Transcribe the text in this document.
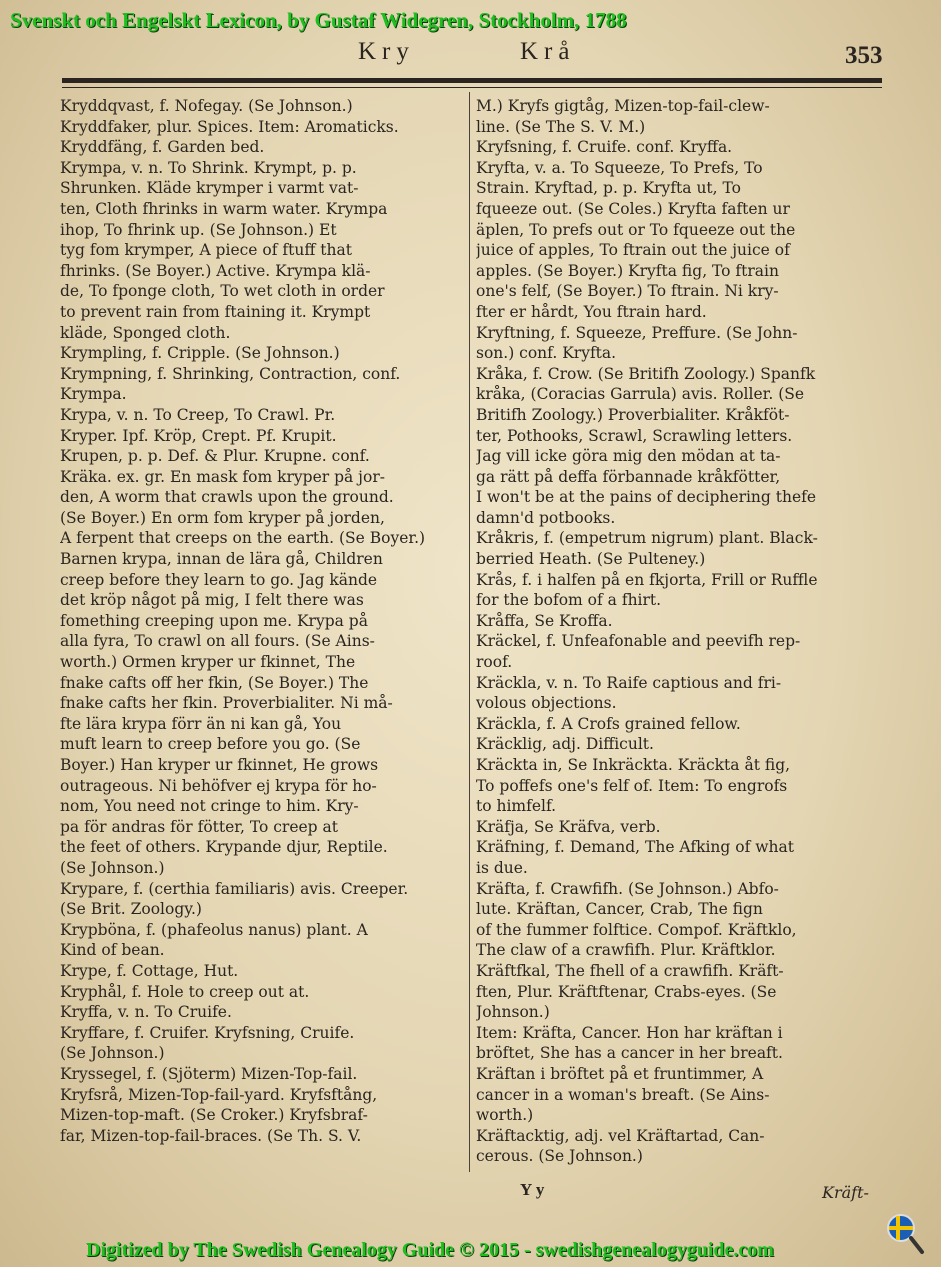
Svenskt och Engelskt Lexicon, by Gustaf Widegren, Stockholm, 1788
Kry	Krå	353
Kryddqvast, f. Nofegay. (Se Johnson.)
Kryddfaker, plur. Spices. Item: Aromaticks.
Kryddfäng, f. Garden bed.
Krympa, v. n. To Shrink. Krympt, p. p.
Shrunken. Kläde krymper i varmt vat-
ten, Cloth fhrinks in warm water. Krympa
ihop, To fhrink up. (Se Johnson.) Et
tyg fom krymper, A piece of ftuff that
fhrinks. (Se Boyer.) Active. Krympa klä-
de, To fponge cloth, To wet cloth in order
to prevent rain from ftaining it. Krympt
kläde, Sponged cloth.
Krympling, f. Cripple. (Se Johnson.)
Krympning, f. Shrinking, Contraction, conf.
Krympa.
Krypa, v. n. To Creep, To Crawl. Pr.
Kryper. Ipf. Kröp, Crept. Pf. Krupit.
Krupen, p. p. Def. & Plur. Krupne. conf.
Kräka. ex. gr. En mask fom kryper på jor-
den, A worm that crawls upon the ground.
(Se Boyer.) En orm fom kryper på jorden,
A ferpent that creeps on the earth. (Se Boyer.)
Barnen krypa, innan de lära gå, Children
creep before they learn to go. Jag kände
det kröp något på mig, I felt there was
fomething creeping upon me. Krypa på
alla fyra, To crawl on all fours. (Se Ains-
worth.) Ormen kryper ur fkinnet, The
fnake cafts off her fkin, (Se Boyer.) The
fnake cafts her fkin. Proverbialiter. Ni må-
fte lära krypa förr än ni kan gå, You
muft learn to creep before you go. (Se
Boyer.) Han kryper ur fkinnet, He grows
outrageous. Ni behöfver ej krypa för ho-
nom, You need not cringe to him. Kry-
pa för andras för fötter, To creep at
the feet of others. Krypande djur, Reptile.
(Se Johnson.)
Krypare, f. (certhia familiaris) avis. Creeper.
(Se Brit. Zoology.)
Krypböna, f. (phafeolus nanus) plant. A
Kind of bean.
Krype, f. Cottage, Hut.
Kryphål, f. Hole to creep out at.
Kryffa, v. n. To Cruife.
Kryffare, f. Cruifer. Kryfsning, Cruife.
(Se Johnson.)
Kryssegel, f. (Sjöterm) Mizen-Top-fail.
Kryfsrå, Mizen-Top-fail-yard. Kryfsftång,
Mizen-top-maft. (Se Croker.) Kryfsbraf-
far, Mizen-top-fail-braces. (Se Th. S. V.
M.) Kryfs gigtåg, Mizen-top-fail-clew-
line. (Se The S. V. M.)
Kryfsning, f. Cruife. conf. Kryffa.
Kryfta, v. a. To Squeeze, To Prefs, To
Strain. Kryftad, p. p. Kryfta ut, To
fqueeze out. (Se Coles.) Kryfta faften ur
äplen, To prefs out or To fqueeze out the
juice of apples, To ftrain out the juice of
apples. (Se Boyer.) Kryfta fig, To ftrain
one's felf, (Se Boyer.) To ftrain. Ni kry-
fter er hårdt, You ftrain hard.
Kryftning, f. Squeeze, Preffure. (Se John-
son.) conf. Kryfta.
Kråka, f. Crow. (Se Britifh Zoology.) Spanfk
kråka, (Coracias Garrula) avis. Roller. (Se
Britifh Zoology.) Proverbialiter. Kråkföt-
ter, Pothooks, Scrawl, Scrawling letters.
Jag vill icke göra mig den mödan at ta-
ga rätt på deffa förbannade kråkfötter,
I won't be at the pains of deciphering thefe
damn'd potbooks.
Kråkris, f. (empetrum nigrum) plant. Black-
berried Heath. (Se Pulteney.)
Krås, f. i halfen på en fkjorta, Frill or Ruffle
for the bofom of a fhirt.
Kråffa, Se Kroffa.
Kräckel, f. Unfeafonable and peevifh rep-
roof.
Kräckla, v. n. To Raife captious and fri-
volous objections.
Kräckla, f. A Crofs grained fellow.
Kräcklig, adj. Difficult.
Kräckta in, Se Inkräckta. Kräckta åt fig,
To poffefs one's felf of. Item: To engrofs
to himfelf.
Kräfja, Se Kräfva, verb.
Kräfning, f. Demand, The Afking of what
is due.
Kräfta, f. Crawfifh. (Se Johnson.) Abfo-
lute. Kräftan, Cancer, Crab, The fign
of the fummer folftice. Compof. Kräftklo,
The claw of a crawfifh. Plur. Kräftklor.
Kräftfkal, The fhell of a crawfifh. Kräft-
ften, Plur. Kräftftenar, Crabs-eyes. (Se
Johnson.)
Item: Kräfta, Cancer. Hon har kräftan i
bröftet, She has a cancer in her breaft.
Kräftan i bröftet på et fruntimmer, A
cancer in a woman's breaft. (Se Ains-
worth.)
Kräftacktig, adj. vel Kräftartad, Can-
cerous. (Se Johnson.)
Y y	Kräft-
Digitized by The Swedish Genealogy Guide © 2015 - swedishgenealogyguide.com
